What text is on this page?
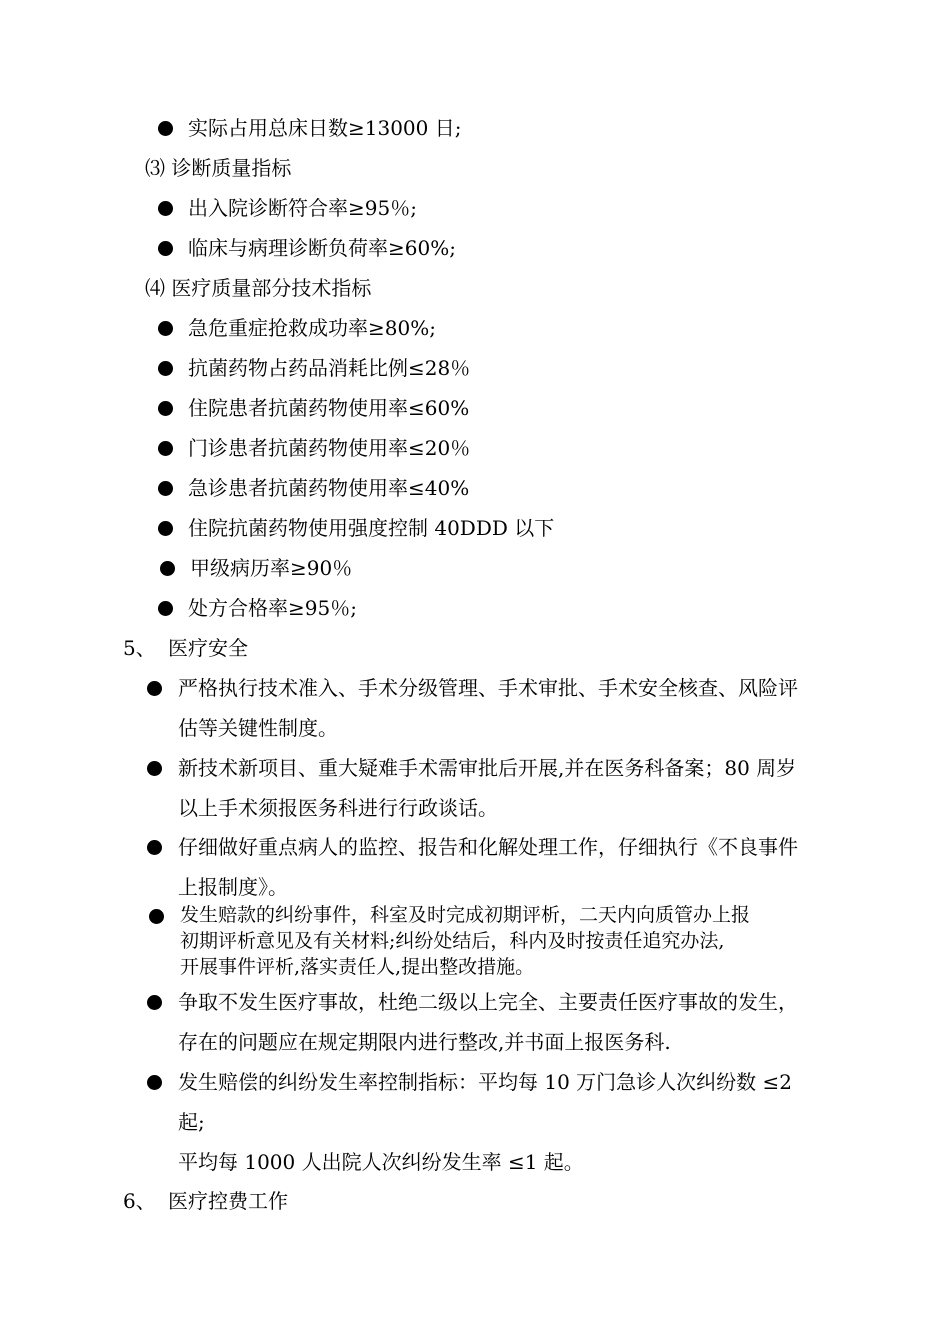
实际占用总床日数≥13000 日;
⑶ 诊断质量指标
出入院诊断符合率≥95％;
临床与病理诊断负荷率≥60%;
⑷ 医疗质量部分技术指标
急危重症抢救成功率≥80%;
抗菌药物占药品消耗比例≤28％
住院患者抗菌药物使用率≤60%
门诊患者抗菌药物使用率≤20％
急诊患者抗菌药物使用率≤40%
住院抗菌药物使用强度控制 40DDD 以下
甲级病历率≥90％
处方合格率≥95％;
5、 医疗安全
严格执行技术准入、手术分级管理、手术审批、手术安全核查、风险评
估等关键性制度。
新技术新项目、重大疑难手术需审批后开展,并在医务科备案；80 周岁
以上手术须报医务科进行行政谈话。
仔细做好重点病人的监控、报告和化解处理工作，仔细执行《不良事件
上报制度》。
发生赔款的纠纷事件，科室及时完成初期评析，二天内向质管办上报
初期评析意见及有关材料;纠纷处结后，科内及时按责任追究办法,
开展事件评析,落实责任人,提出整改措施。
争取不发生医疗事故，杜绝二级以上完全、主要责任医疗事故的发生，
存在的问题应在规定期限内进行整改,并书面上报医务科.
发生赔偿的纠纷发生率控制指标：平均每 10 万门急诊人次纠纷数 ≤2
起;
平均每 1000 人出院人次纠纷发生率 ≤1 起。
6、 医疗控费工作
